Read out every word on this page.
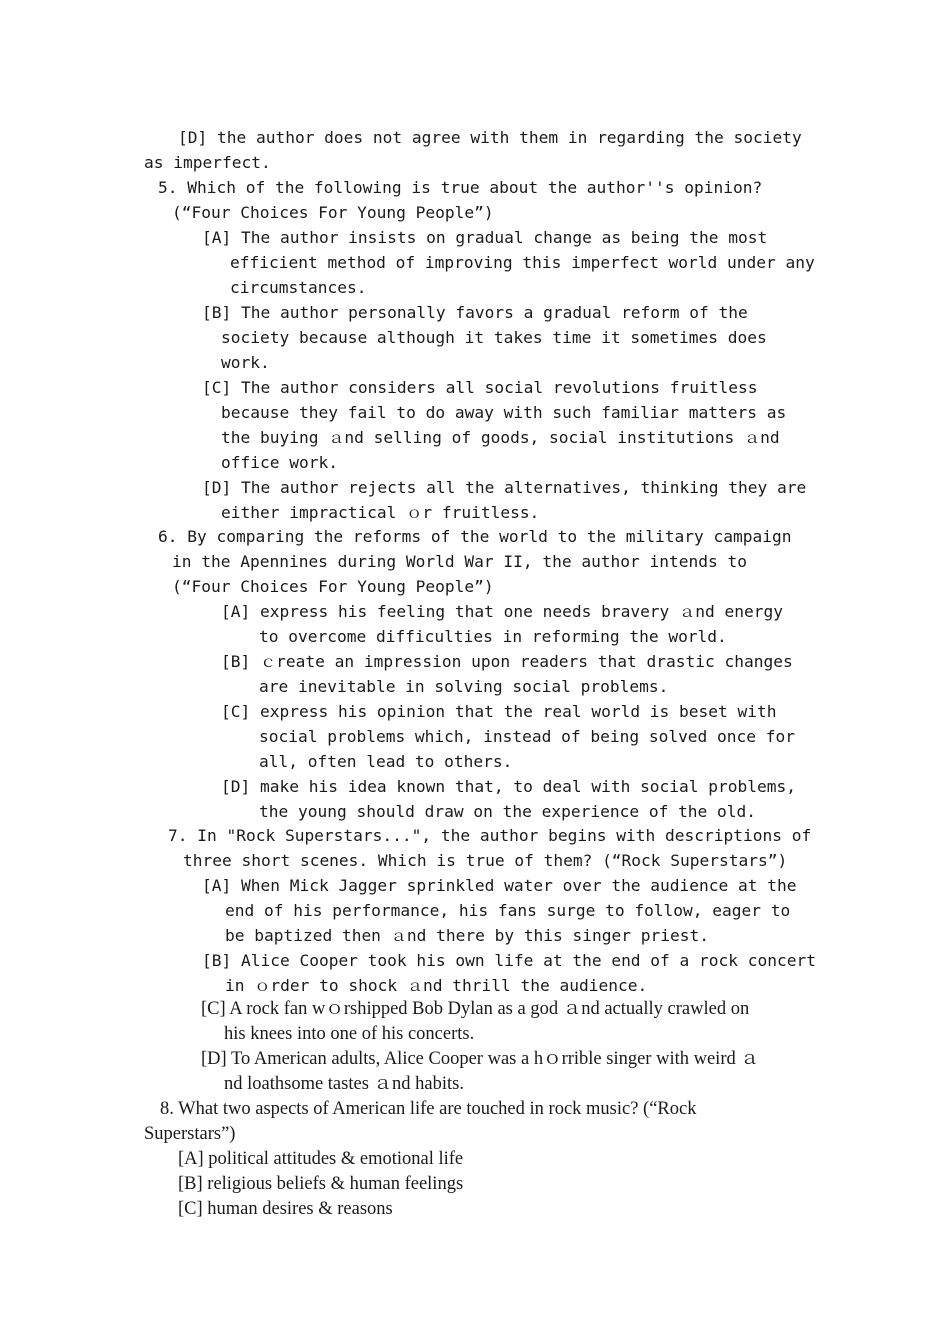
[D] the author does not agree with them in regarding the society

as imperfect.

5. Which of the following is true about the author''s opinion?

(“Four Choices For Young People”)

[A] The author insists on gradual change as being the most

efficient method of improving this imperfect world under any

circumstances.

[B] The author personally favors a gradual reform of the

society because although it takes time it sometimes does

work.

[C] The author considers all social revolutions fruitless

because they fail to do away with such familiar matters as

the buying ａnd selling of goods, social institutions ａnd

office work.

[D] The author rejects all the alternatives, thinking they are

either impractical ｏr fruitless.

6. By comparing the reforms of the world to the military campaign

in the Apennines during World War II, the author intends to

(“Four Choices For Young People”)

[A] express his feeling that one needs bravery ａnd energy

to overcome difficulties in reforming the world.

[B] ｃreate an impression upon readers that drastic changes

are inevitable in solving social problems.

[C] express his opinion that the real world is beset with

social problems which, instead of being solved once for

all, often lead to others.

[D] make his idea known that, to deal with social problems,

the young should draw on the experience of the old.

7. In "Rock Superstars...", the author begins with descriptions of

three short scenes. Which is true of them? (“Rock Superstars”)

[A] When Mick Jagger sprinkled water over the audience at the

end of his performance, his fans surge to follow, eager to

be baptized then ａnd there by this singer priest.

[B] Alice Cooper took his own life at the end of a rock concert

in ｏrder to shock ａnd thrill the audience.

[C] A rock fan wｏrshipped Bob Dylan as a god ａnd actually crawled on

his knees into one of his concerts.

[D] To American adults, Alice Cooper was a hｏrrible singer with weird ａ

nd loathsome tastes ａnd habits.

8. What two aspects of American life are touched in rock music? (“Rock

Superstars”)

[A] political attitudes & emotional life

[B] religious beliefs & human feelings

[C] human desires & reasons
